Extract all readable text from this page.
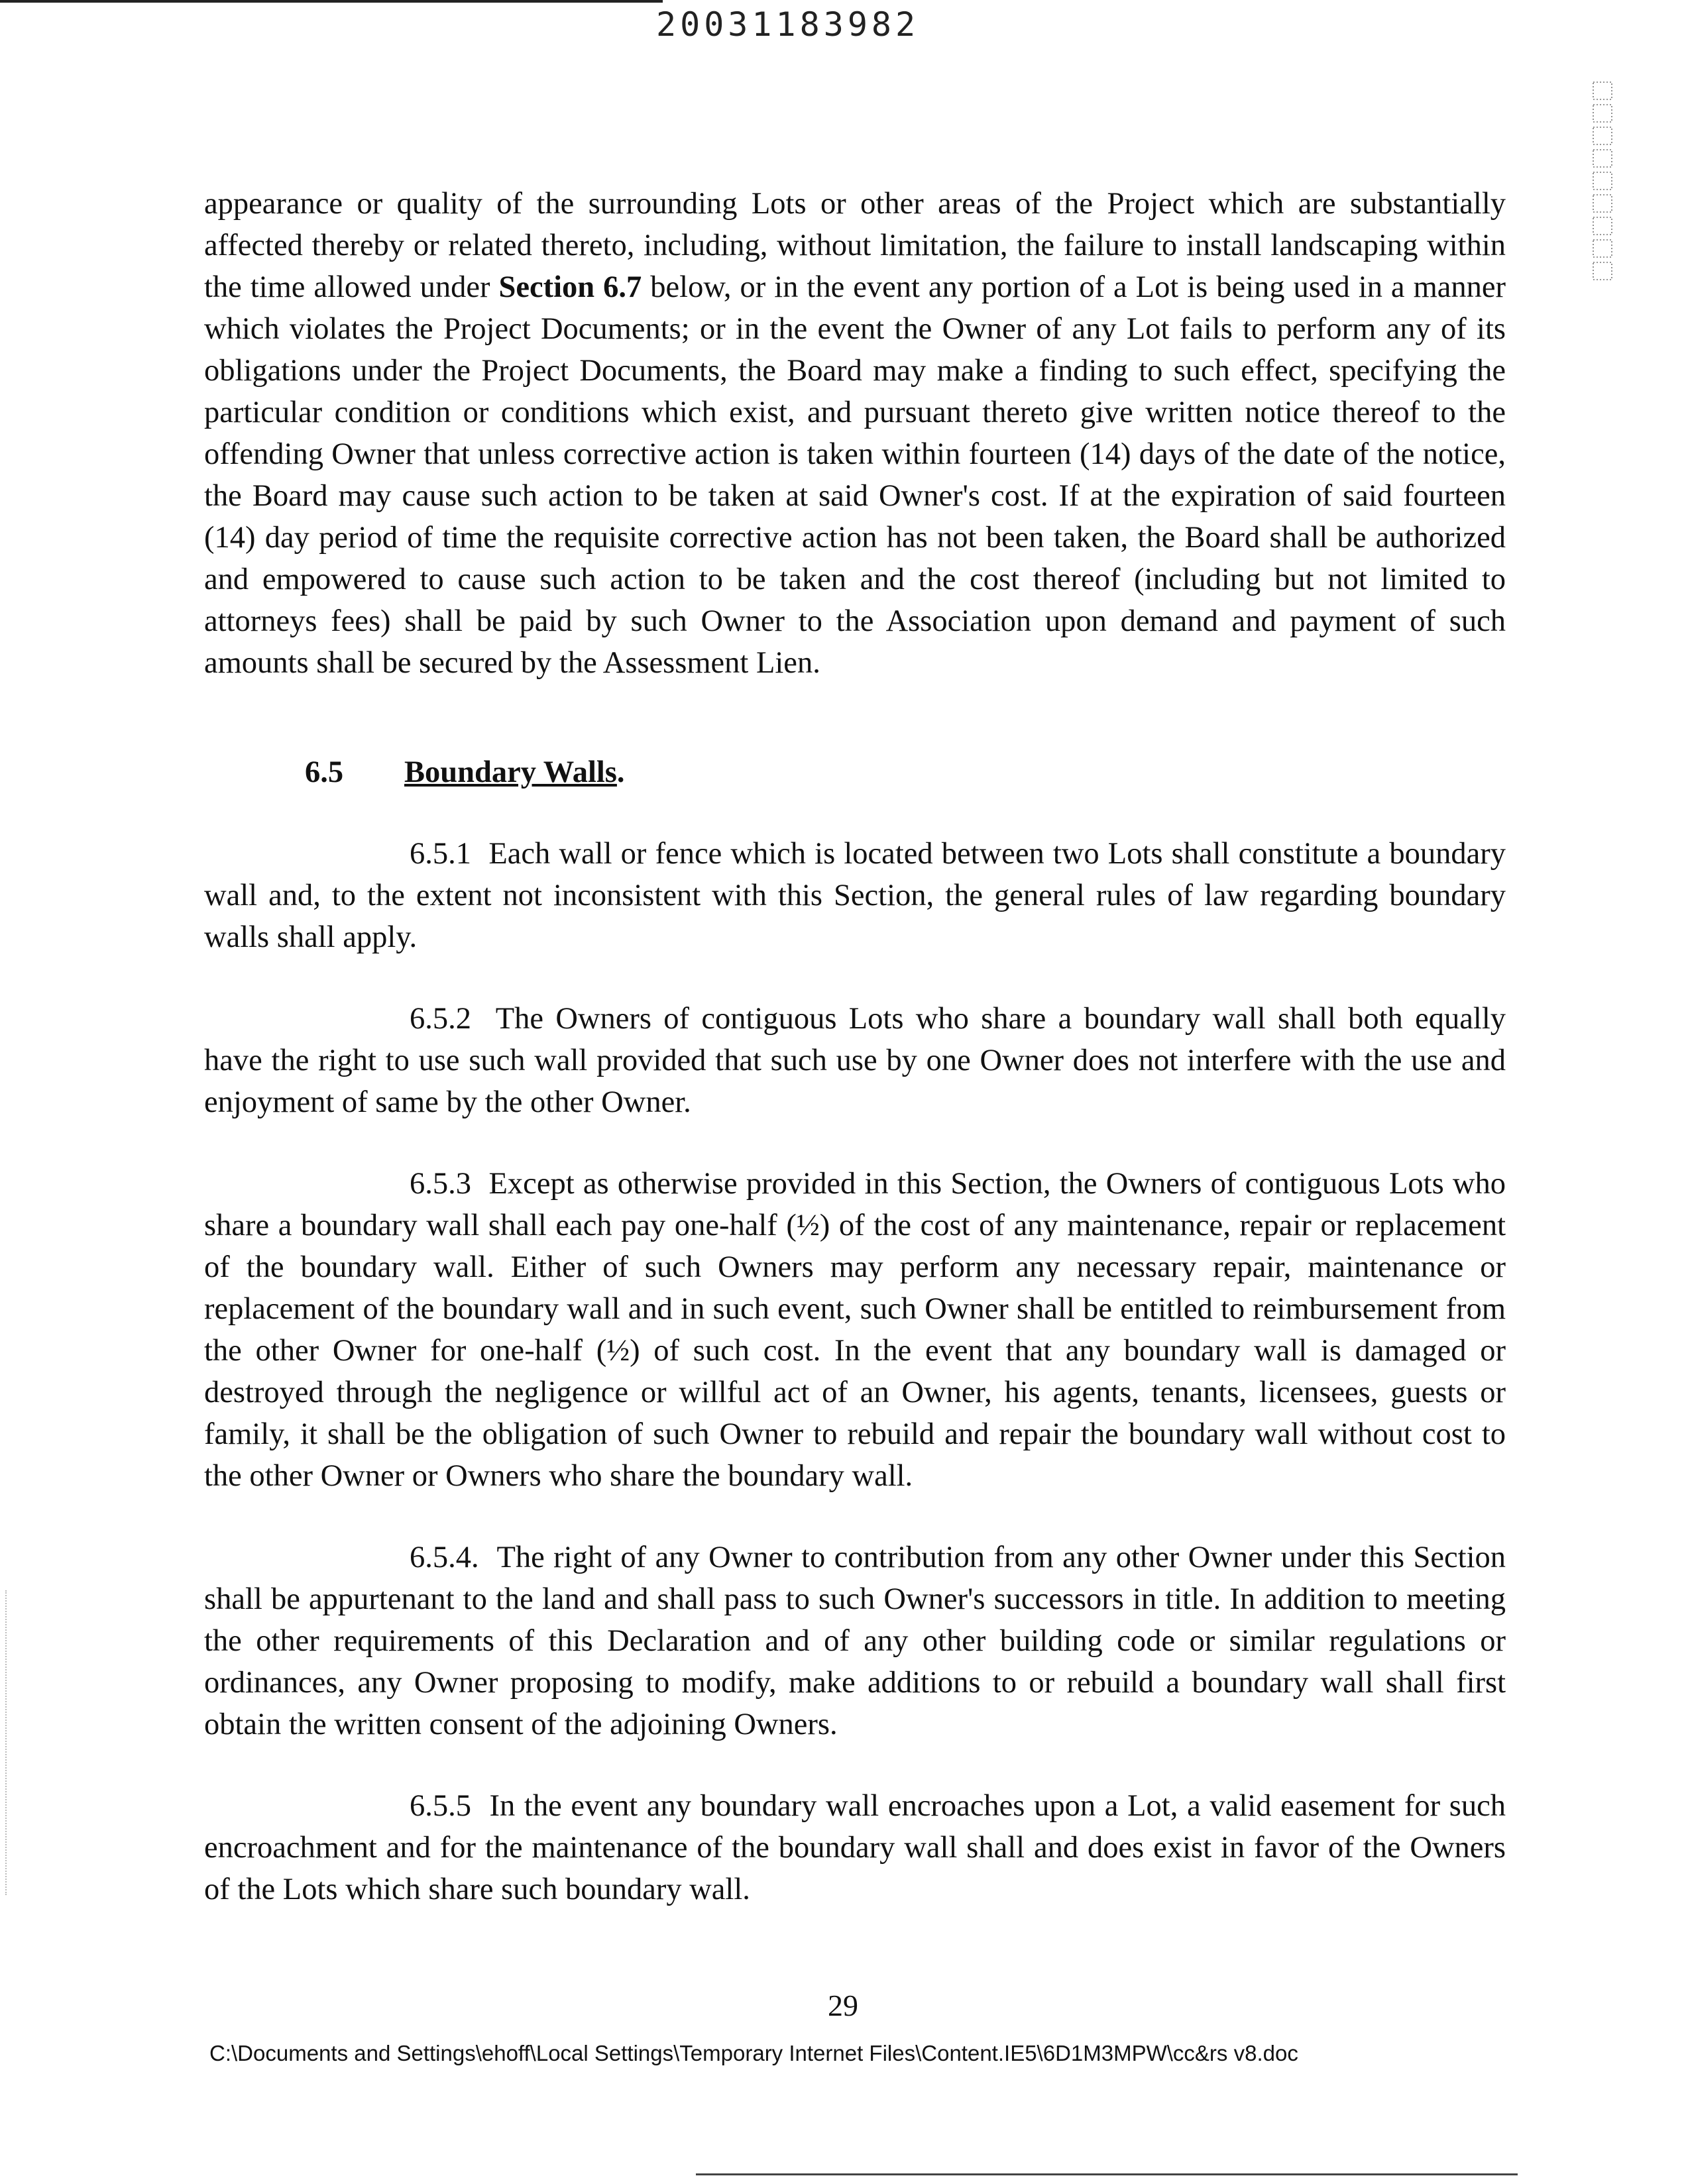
20031183982

appearance or quality of the surrounding Lots or other areas of the Project which are substantially affected thereby or related thereto, including, without limitation, the failure to install landscaping within the time allowed under Section 6.7 below, or in the event any portion of a Lot is being used in a manner which violates the Project Documents; or in the event the Owner of any Lot fails to perform any of its obligations under the Project Documents, the Board may make a finding to such effect, specifying the particular condition or conditions which exist, and pursuant thereto give written notice thereof to the offending Owner that unless corrective action is taken within fourteen (14) days of the date of the notice, the Board may cause such action to be taken at said Owner's cost. If at the expiration of said fourteen (14) day period of time the requisite corrective action has not been taken, the Board shall be authorized and empowered to cause such action to be taken and the cost thereof (including but not limited to attorneys fees) shall be paid by such Owner to the Association upon demand and payment of such amounts shall be secured by the Assessment Lien.

6.5 Boundary Walls.

6.5.1 Each wall or fence which is located between two Lots shall constitute a boundary wall and, to the extent not inconsistent with this Section, the general rules of law regarding boundary walls shall apply.

6.5.2 The Owners of contiguous Lots who share a boundary wall shall both equally have the right to use such wall provided that such use by one Owner does not interfere with the use and enjoyment of same by the other Owner.

6.5.3 Except as otherwise provided in this Section, the Owners of contiguous Lots who share a boundary wall shall each pay one-half (½) of the cost of any maintenance, repair or replacement of the boundary wall. Either of such Owners may perform any necessary repair, maintenance or replacement of the boundary wall and in such event, such Owner shall be entitled to reimbursement from the other Owner for one-half (½) of such cost. In the event that any boundary wall is damaged or destroyed through the negligence or willful act of an Owner, his agents, tenants, licensees, guests or family, it shall be the obligation of such Owner to rebuild and repair the boundary wall without cost to the other Owner or Owners who share the boundary wall.

6.5.4. The right of any Owner to contribution from any other Owner under this Section shall be appurtenant to the land and shall pass to such Owner's successors in title. In addition to meeting the other requirements of this Declaration and of any other building code or similar regulations or ordinances, any Owner proposing to modify, make additions to or rebuild a boundary wall shall first obtain the written consent of the adjoining Owners.

6.5.5 In the event any boundary wall encroaches upon a Lot, a valid easement for such encroachment and for the maintenance of the boundary wall shall and does exist in favor of the Owners of the Lots which share such boundary wall.

29
C:\Documents and Settings\ehoff\Local Settings\Temporary Internet Files\Content.IE5\6D1M3MPW\cc&rs v8.doc
